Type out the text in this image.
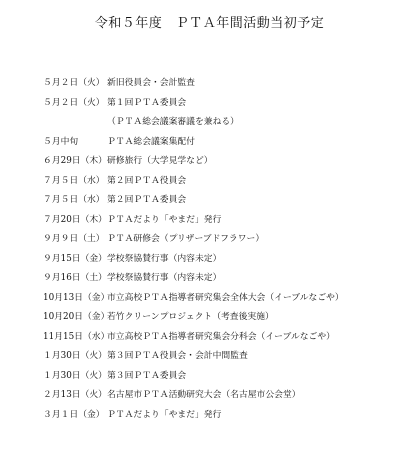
令和５年度　ＰＴＡ年間活動当初予定
５月２日（火） 新旧役員会・会計監査
５月２日（火） 第１回ＰＴＡ委員会
（ＰＴＡ総会議案審議を兼ねる）
５月中旬	ＰＴＡ総会議案集配付
６月29日（木） 研修旅行（大学見学など）
７月５日（水） 第２回ＰＴＡ役員会
７月５日（水） 第２回ＰＴＡ委員会
７月20日（木） ＰＴＡだより「やまだ」発行
９月９日（土） ＰＴＡ研修会（プリザーブドフラワー）
９月15日（金） 学校祭協賛行事（内容未定）
９月16日（土） 学校祭協賛行事（内容未定）
10月13日（金）
市立高校ＰＴＡ指導者研究集会全体大会（イーブルなごや）
10月20日（金）
若竹クリーンプロジェクト（考査後実施）
11月15日（水）
市立高校ＰＴＡ指導者研究集会分科会（イーブルなごや）
１月30日（火） 第３回ＰＴＡ役員会・会計中間監査
１月30日（火） 第３回ＰＴＡ委員会
２月13日（火） 名古屋市ＰＴＡ活動研究大会（名古屋市公会堂）
３月１日（金） ＰＴＡだより「やまだ」発行
